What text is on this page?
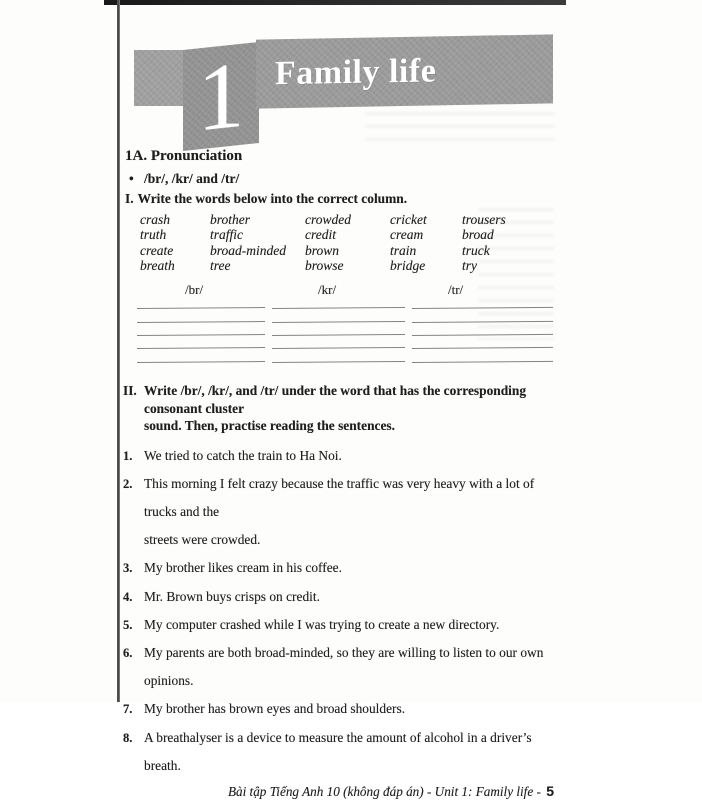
1 Family life
1A. Pronunciation
• /br/, /kr/ and /tr/
I. Write the words below into the correct column.
crash	brother	crowded	cricket	trousers
truth	traffic	credit	cream	broad
create	broad-minded	brown	train	truck
breath	tree	browse	bridge	try
/br/	/kr/	/tr/
II. Write /br/, /kr/, and /tr/ under the word that has the corresponding consonant cluster
sound. Then, practise reading the sentences.
1. We tried to catch the train to Ha Noi.
2. This morning I felt crazy because the traffic was very heavy with a lot of trucks and the
streets were crowded.
3. My brother likes cream in his coffee.
4. Mr. Brown buys crisps on credit.
5. My computer crashed while I was trying to create a new directory.
6. My parents are both broad-minded, so they are willing to listen to our own opinions.
7. My brother has brown eyes and broad shoulders.
8. A breathalyser is a device to measure the amount of alcohol in a driver’s breath.
Bài tập Tiếng Anh 10 (không đáp án) - Unit 1: Family life - 5
